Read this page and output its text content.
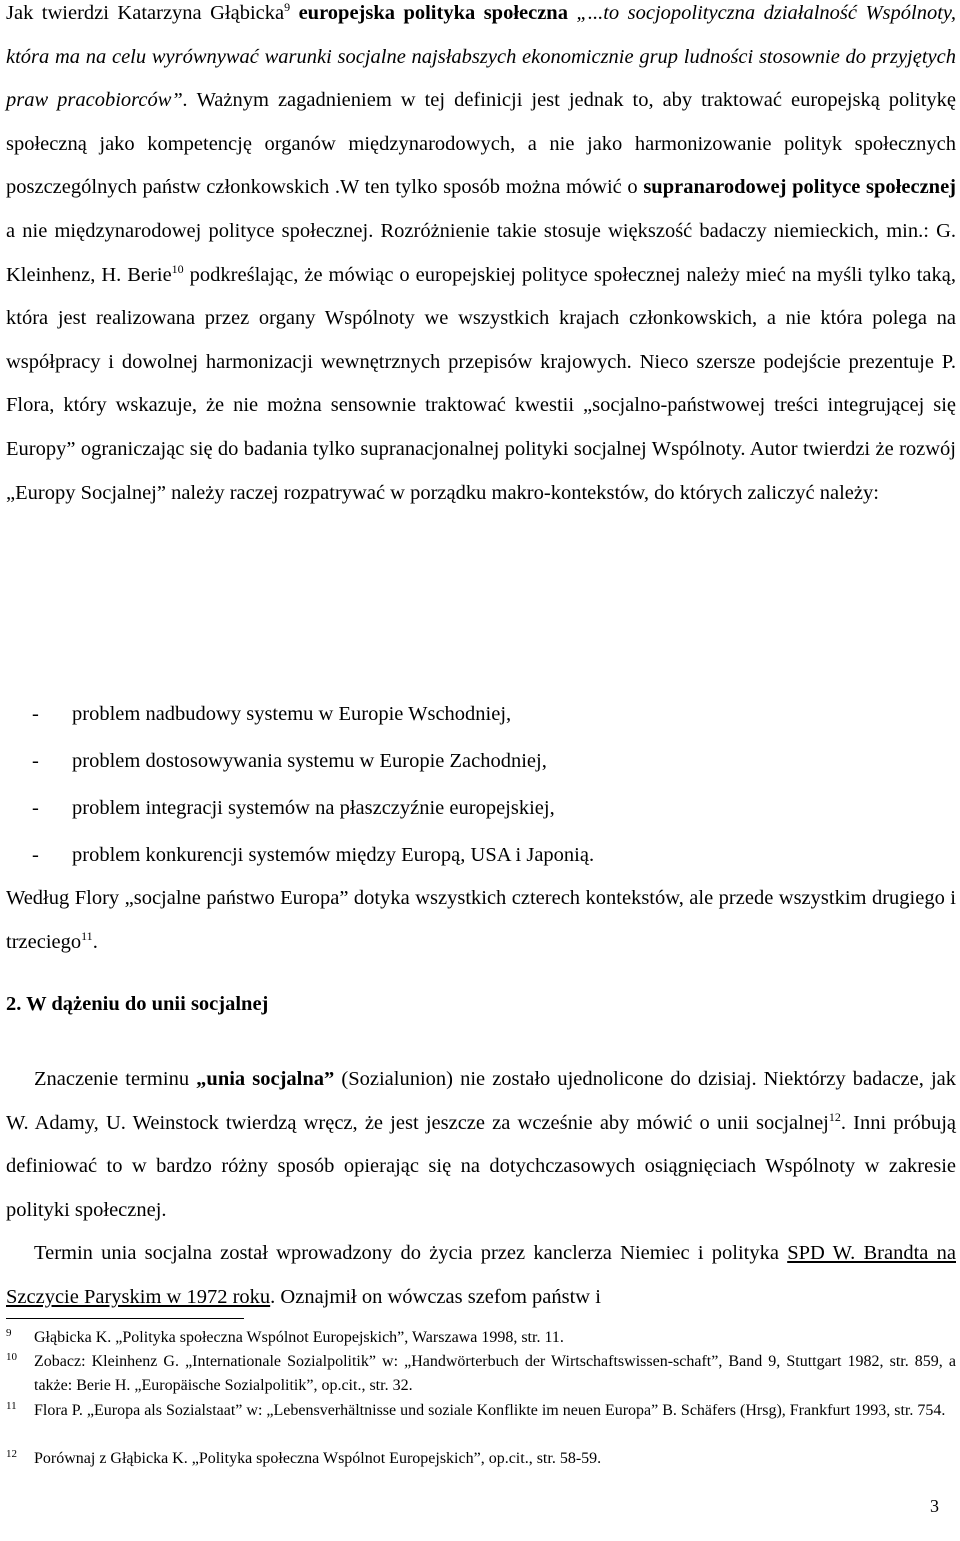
Jak twierdzi Katarzyna Głąbicka$^9$ europejska polityka społeczna „...to socjopolityczna działalność Wspólnoty, która ma na celu wyrównywać warunki socjalne najsłabszych ekonomicznie grup ludności stosownie do przyjętych praw pracobiorców”. Ważnym zagadnieniem w tej definicji jest jednak to, aby traktować europejską politykę społeczną jako kompetencję organów międzynarodowych, a nie jako harmonizowanie polityk społecznych poszczególnych państw członkowskich .W ten tylko sposób można mówić o supranarodowej polityce społecznej a nie międzynarodowej polityce społecznej. Rozróżnienie takie stosuje większość badaczy niemieckich, min.: G. Kleinhenz, H. Berie$^{10}$ podkreślając, że mówiąc o europejskiej polityce społecznej należy mieć na myśli tylko taką, która jest realizowana przez organy Wspólnoty we wszystkich krajach członkowskich, a nie która polega na współpracy i dowolnej harmonizacji wewnętrznych przepisów krajowych. Nieco szersze podejście prezentuje P. Flora, który wskazuje, że nie można sensownie traktować kwestii „socjalno-państwowej treści integrującej się Europy” ograniczając się do badania tylko supranacjonalnej polityki socjalnej Wspólnoty. Autor twierdzi że rozwój „Europy Socjalnej” należy raczej rozpatrywać w porządku makro-kontekstów, do których zaliczyć należy:
- problem nadbudowy systemu w Europie Wschodniej,
- problem dostosowywania systemu w Europie Zachodniej,
- problem integracji systemów na płaszczyźnie europejskiej,
- problem konkurencji systemów między Europą, USA i Japonią.
Według Flory „socjalne państwo Europa” dotyka wszystkich czterech kontekstów, ale przede wszystkim drugiego i trzeciego$^{11}$.
2. W dążeniu do unii socjalnej
Znaczenie terminu „unia socjalna” (Sozialunion) nie zostało ujednolicone do dzisiaj. Niektórzy badacze, jak W. Adamy, U. Weinstock twierdzą wręcz, że jest jeszcze za wcześnie aby mówić o unii socjalnej$^{12}$. Inni próbują definiować to w bardzo różny sposób opierając się na dotychczasowych osiągnięciach Wspólnoty w zakresie polityki społecznej.
Termin unia socjalna został wprowadzony do życia przez kanclerza Niemiec i polityka SPD W. Brandta na Szczycie Paryskim w 1972 roku. Oznajmił on wówczas szefom państw i
9	Głąbicka K. „Polityka społeczna Wspólnot Europejskich”, Warszawa 1998, str. 11.
10	Zobacz: Kleinhenz G. „Internationale Sozialpolitik” w: „Handwörterbuch der Wirtschaftswissen-schaft”, Band 9, Stuttgart 1982, str. 859, a także: Berie H. „Europäische Sozialpolitik”, op.cit., str. 32.
11	Flora P. „Europa als Sozialstaat” w: „Lebensverhältnisse und soziale Konflikte im neuen Europa” B. Schäfers (Hrsg), Frankfurt 1993, str. 754.
12	Porównaj z Głąbicka K. „Polityka społeczna Wspólnot Europejskich”, op.cit., str. 58-59.
3
